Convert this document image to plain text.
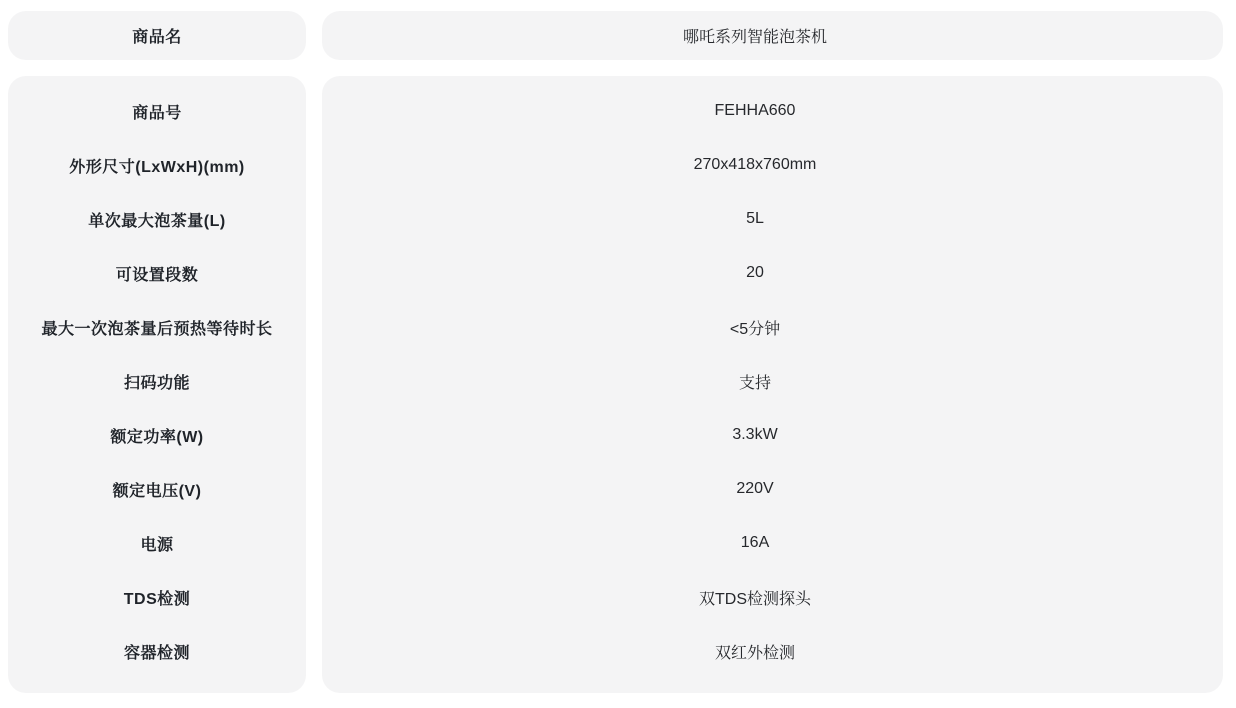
商品名	哪吒系列智能泡茶机
商品号
外形尺寸(LxWxH)(mm)
单次最大泡茶量(L)
可设置段数
最大一次泡茶量后预热等待时长
扫码功能
额定功率(W)
额定电压(V)
电源
TDS检测
容器检测
FEHHA660
270x418x760mm
5L
20
<5分钟
支持
3.3kW
220V
16A
双TDS检测探头
双红外检测
